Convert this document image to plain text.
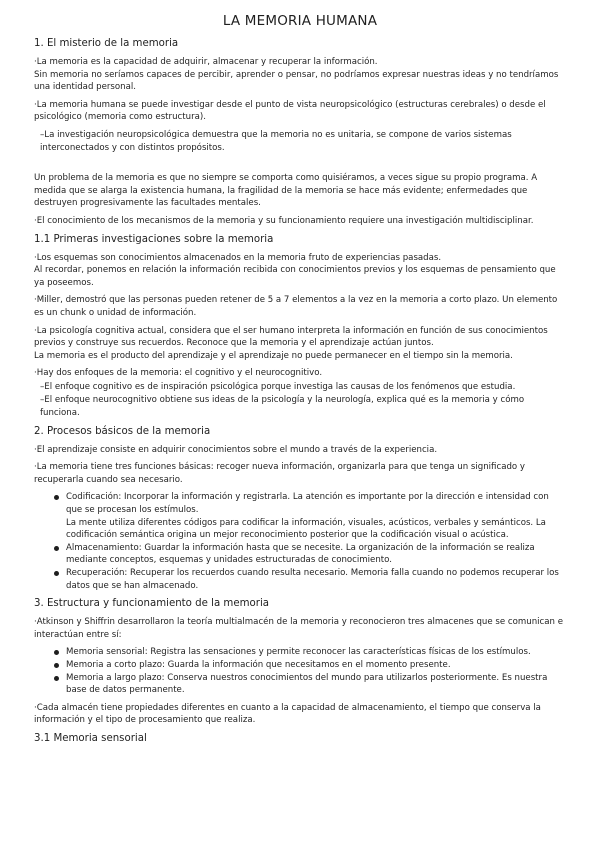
LA MEMORIA HUMANA
1. El misterio de la memoria

·La memoria es la capacidad de adquirir, almacenar y recuperar la información.
Sin memoria no seríamos capaces de percibir, aprender o pensar, no podríamos expresar nuestras ideas y no tendríamos una identidad personal.

·La memoria humana se puede investigar desde el punto de vista neuropsicológico (estructuras cerebrales) o desde el psicológico (memoria como estructura).

–La investigación neuropsicológica demuestra que la memoria no es unitaria, se compone de varios sistemas interconectados y con distintos propósitos.

Un problema de la memoria es que no siempre se comporta como quisiéramos, a veces sigue su propio programa. A medida que se alarga la existencia humana, la fragilidad de la memoria se hace más evidente; enfermedades que destruyen progresivamente las facultades mentales.

·El conocimiento de los mecanismos de la memoria y su funcionamiento requiere una investigación multidisciplinar.

1.1 Primeras investigaciones sobre la memoria

·Los esquemas son conocimientos almacenados en la memoria fruto de experiencias pasadas.
Al recordar, ponemos en relación la información recibida con conocimientos previos y los esquemas de pensamiento que ya poseemos.

·Miller, demostró que las personas pueden retener de 5 a 7 elementos a la vez en la memoria a corto plazo. Un elemento es un chunk o unidad de información.

·La psicología cognitiva actual, considera que el ser humano interpreta la información en función de sus conocimientos previos y construye sus recuerdos. Reconoce que la memoria y el aprendizaje actúan juntos.
La memoria es el producto del aprendizaje y el aprendizaje no puede permanecer en el tiempo sin la memoria.

·Hay dos enfoques de la memoria: el cognitivo y el neurocognitivo.

–El enfoque cognitivo es de inspiración psicológica porque investiga las causas de los fenómenos que estudia.

–El enfoque neurocognitivo obtiene sus ideas de la psicología y la neurología, explica qué es la memoria y cómo funciona.

2. Procesos básicos de la memoria

·El aprendizaje consiste en adquirir conocimientos sobre el mundo a través de la experiencia.

·La memoria tiene tres funciones básicas: recoger nueva información, organizarla para que tenga un significado y recuperarla cuando sea necesario.

Codificación: Incorporar la información y registrarla. La atención es importante por la dirección e intensidad con que se procesan los estímulos.
La mente utiliza diferentes códigos para codificar la información, visuales, acústicos, verbales y semánticos. La codificación semántica origina un mejor reconocimiento posterior que la codificación visual o acústica.
Almacenamiento: Guardar la información hasta que se necesite. La organización de la información se realiza mediante conceptos, esquemas y unidades estructuradas de conocimiento.
Recuperación: Recuperar los recuerdos cuando resulta necesario. Memoria falla cuando no podemos recuperar los datos que se han almacenado.
3. Estructura y funcionamiento de la memoria

·Atkinson y Shiffrin desarrollaron la teoría multialmacén de la memoria y reconocieron tres almacenes que se comunican e interactúan entre sí:

Memoria sensorial: Registra las sensaciones y permite reconocer las características físicas de los estímulos.
Memoria a corto plazo: Guarda la información que necesitamos en el momento presente.
Memoria a largo plazo: Conserva nuestros conocimientos del mundo para utilizarlos posteriormente. Es nuestra base de datos permanente.

·Cada almacén tiene propiedades diferentes en cuanto a la capacidad de almacenamiento, el tiempo que conserva la información y el tipo de procesamiento que realiza.

3.1 Memoria sensorial
